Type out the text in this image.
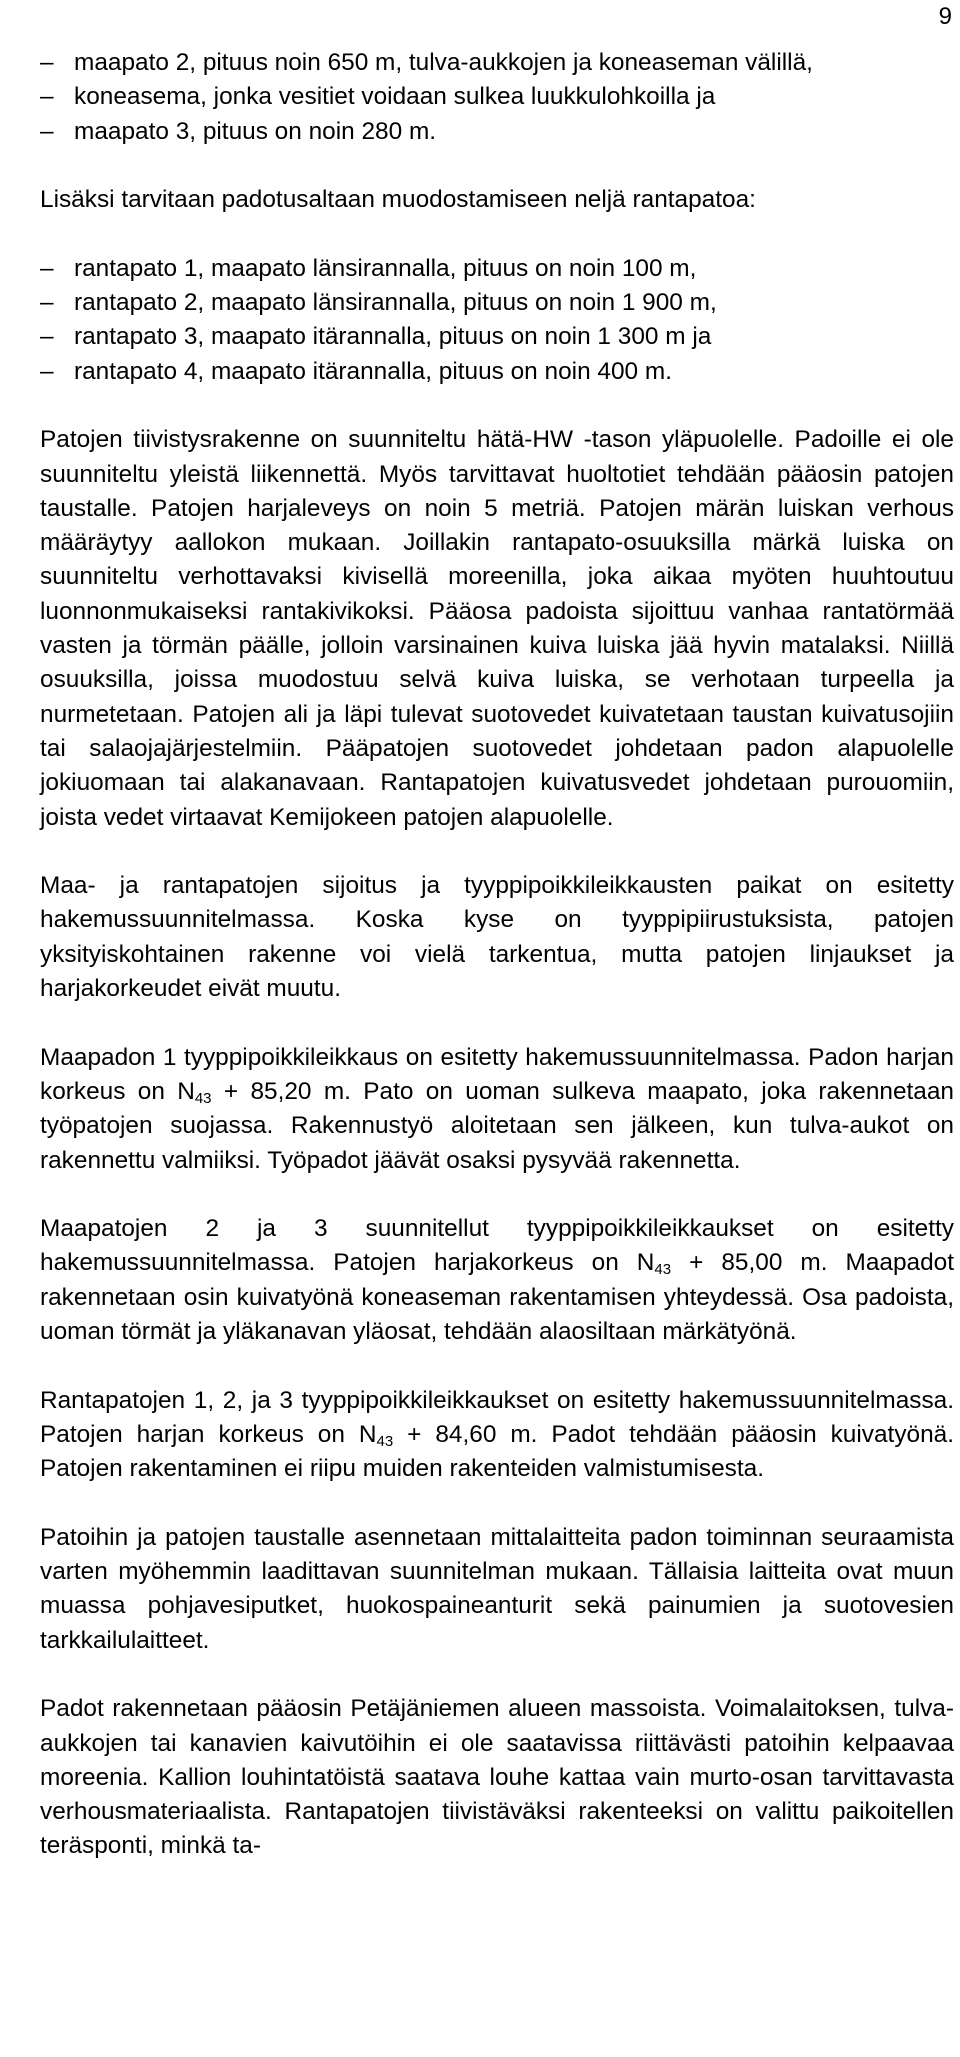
9
– maapato 2, pituus noin 650 m, tulva-aukkojen ja koneaseman välillä,
– koneasema, jonka vesitiet voidaan sulkea luukkulohkoilla ja
– maapato 3, pituus on noin 280 m.

Lisäksi tarvitaan padotusaltaan muodostamiseen neljä rantapatoa:

– rantapato 1, maapato länsirannalla, pituus on noin 100 m,
– rantapato 2, maapato länsirannalla, pituus on noin 1 900 m,
– rantapato 3, maapato itärannalla, pituus on noin 1 300 m ja
– rantapato 4, maapato itärannalla, pituus on noin 400 m.

Patojen tiivistysrakenne on suunniteltu hätä-HW -tason yläpuolelle. Padoille ei ole suunniteltu yleistä liikennettä. Myös tarvittavat huoltotiet tehdään pääosin patojen taustalle. Patojen harjaleveys on noin 5 metriä. Patojen märän luiskan verhous määräytyy aallokon mukaan. Joillakin rantapato-osuuksilla märkä luiska on suunniteltu verhottavaksi kivisellä moreenilla, joka aikaa myöten huuhtoutuu luonnonmukaiseksi rantakivikoksi. Pääosa padoista sijoittuu vanhaa rantatörmää vasten ja törmän päälle, jolloin varsinainen kuiva luiska jää hyvin matalaksi. Niillä osuuksilla, joissa muodostuu selvä kuiva luiska, se verhotaan turpeella ja nurmetetaan. Patojen ali ja läpi tulevat suotovedet kuivatetaan taustan kuivatusojiin tai salaojajärjestelmiin. Pääpatojen suotovedet johdetaan padon alapuolelle jokiuomaan tai alakanavaan. Rantapatojen kuivatusvedet johdetaan purouomiin, joista vedet virtaavat Kemijokeen patojen alapuolelle.

Maa- ja rantapatojen sijoitus ja tyyppipoikkileikkausten paikat on esitetty hakemussuunnitelmassa. Koska kyse on tyyppipiirustuksista, patojen yksityiskohtainen rakenne voi vielä tarkentua, mutta patojen linjaukset ja harjakorkeudet eivät muutu.

Maapadon 1 tyyppipoikkileikkaus on esitetty hakemussuunnitelmassa. Padon harjan korkeus on $N_{43} + 85,20$ m. Pato on uoman sulkeva maapato, joka rakennetaan työpatojen suojassa. Rakennustyö aloitetaan sen jälkeen, kun tulva-aukot on rakennettu valmiiksi. Työpadot jäävät osaksi pysyvää rakennetta.

Maapatojen 2 ja 3 suunnitellut tyyppipoikkileikkaukset on esitetty hakemussuunnitelmassa. Patojen harjakorkeus on $N_{43} + 85,00$ m. Maapadot rakennetaan osin kuivatyönä koneaseman rakentamisen yhteydessä. Osa padoista, uoman törmät ja yläkanavan yläosat, tehdään alaosiltaan märkätyönä.

Rantapatojen 1, 2, ja 3 tyyppipoikkileikkaukset on esitetty hakemussuunnitelmassa. Patojen harjan korkeus on $N_{43} + 84,60$ m. Padot tehdään pääosin kuivatyönä. Patojen rakentaminen ei riipu muiden rakenteiden valmistumisesta.

Patoihin ja patojen taustalle asennetaan mittalaitteita padon toiminnan seuraamista varten myöhemmin laadittavan suunnitelman mukaan. Tällaisia laitteita ovat muun muassa pohjavesiputket, huokospaineanturit sekä painumien ja suotovesien tarkkailulaitteet.

Padot rakennetaan pääosin Petäjäniemen alueen massoista. Voimalaitoksen, tulva-aukkojen tai kanavien kaivutöihin ei ole saatavissa riittävästi patoihin kelpaavaa moreenia. Kallion louhintatöistä saatava louhe kattaa vain murto-osan tarvittavasta verhousmateriaalista. Rantapatojen tiivistäväksi rakenteeksi on valittu paikoitellen teräsponti, minkä ta-
